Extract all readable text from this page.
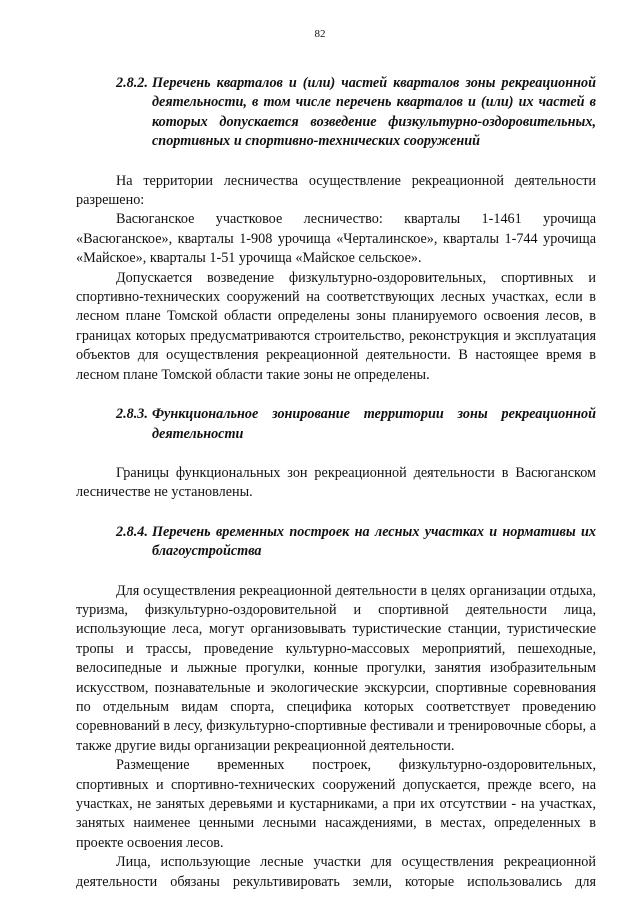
82
2.8.2. Перечень кварталов и (или) частей кварталов зоны рекреационной деятельности, в том числе перечень кварталов и (или) их частей в которых допускается возведение физкультурно-оздоровительных, спортивных и спортивно-технических сооружений

На территории лесничества осуществление рекреационной деятельности разрешено:

Васюганское участковое лесничество: кварталы 1-1461 урочища «Васюганское», кварталы 1-908 урочища «Черталинское», кварталы 1-744 урочища «Майское», кварталы 1-51 урочища «Майское сельское».

Допускается возведение физкультурно-оздоровительных, спортивных и спортивно-технических сооружений на соответствующих лесных участках, если в лесном плане Томской области определены зоны планируемого освоения лесов, в границах которых предусматриваются строительство, реконструкция и эксплуатация объектов для осуществления рекреационной деятельности. В настоящее время в лесном плане Томской области такие зоны не определены.

2.8.3. Функциональное зонирование территории зоны рекреационной деятельности

Границы функциональных зон рекреационной деятельности в Васюганском лесничестве не установлены.

2.8.4. Перечень временных построек на лесных участках и нормативы их благоустройства

Для осуществления рекреационной деятельности в целях организации отдыха, туризма, физкультурно-оздоровительной и спортивной деятельности лица, использующие леса, могут организовывать туристические станции, туристические тропы и трассы, проведение культурно-массовых мероприятий, пешеходные, велосипедные и лыжные прогулки, конные прогулки, занятия изобразительным искусством, познавательные и экологические экскурсии, спортивные соревнования по отдельным видам спорта, специфика которых соответствует проведению соревнований в лесу, физкультурно-спортивные фестивали и тренировочные сборы, а также другие виды организации рекреационной деятельности.

Размещение временных построек, физкультурно-оздоровительных, спортивных и спортивно-технических сооружений допускается, прежде всего, на участках, не занятых деревьями и кустарниками, а при их отсутствии - на участках, занятых наименее ценными лесными насаждениями, в местах, определенных в проекте освоения лесов.

Лица, использующие лесные участки для осуществления рекреационной деятельности обязаны рекультивировать земли, которые использовались для
